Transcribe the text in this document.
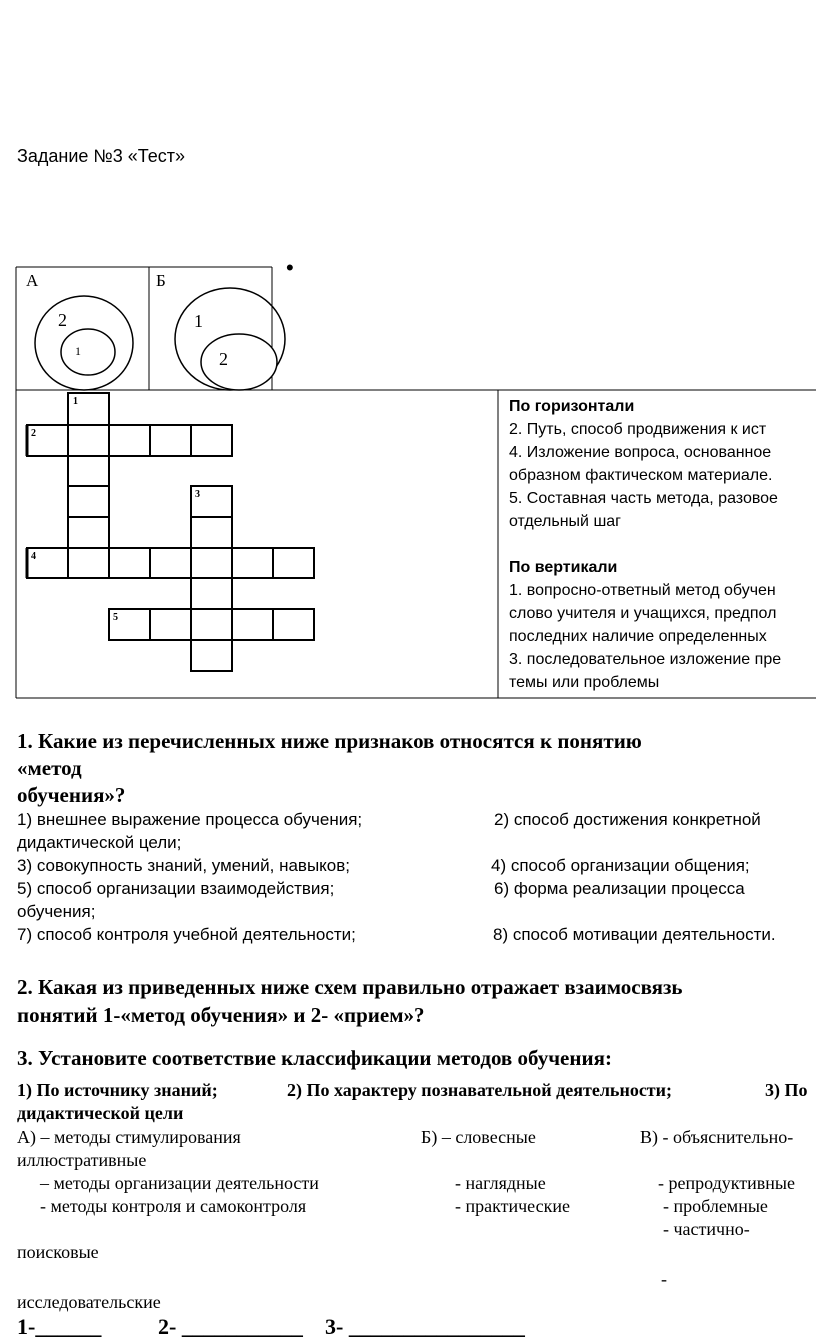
Задание №3 «Тест»
•
А	Б
2
1
1
2
1
2
3
4
5
По горизонтали
2. Путь, способ продвижения к ист
4. Изложение вопроса, основанное
образном фактическом материале.
5. Составная часть метода, разовое
отдельный шаг
По вертикали
1. вопросно-ответный метод обучен
слово учителя и учащихся, предпол
последних наличие определенных
3. последовательное изложение пре
темы или проблемы
1. Какие из перечисленных ниже признаков относятся к понятию
«метод
обучения»?
1) внешнее выражение процесса обучения;	2) способ достижения конкретной
дидактической цели;
3) совокупность знаний, умений, навыков;	4) способ организации общения;
5) способ организации взаимодействия;	6) форма реализации процесса
обучения;
7) способ контроля учебной деятельности;	8) способ мотивации деятельности.
2. Какая из приведенных ниже схем правильно отражает взаимосвязь
понятий 1-«метод обучения» и 2- «прием»?
3. Установите соответствие классификации методов обучения:
1) По источнику знаний;	2) По характеру познавательной деятельности;	3) По
дидактической цели
А) – методы стимулирования	Б) – словесные	В) - объяснительно-
иллюстративные
– методы организации деятельности	- наглядные	- репродуктивные
- методы контроля и самоконтроля	- практические	- проблемные
- частично-
поисковые
-
исследовательские
1-______	2- ___________ 3- ________________
